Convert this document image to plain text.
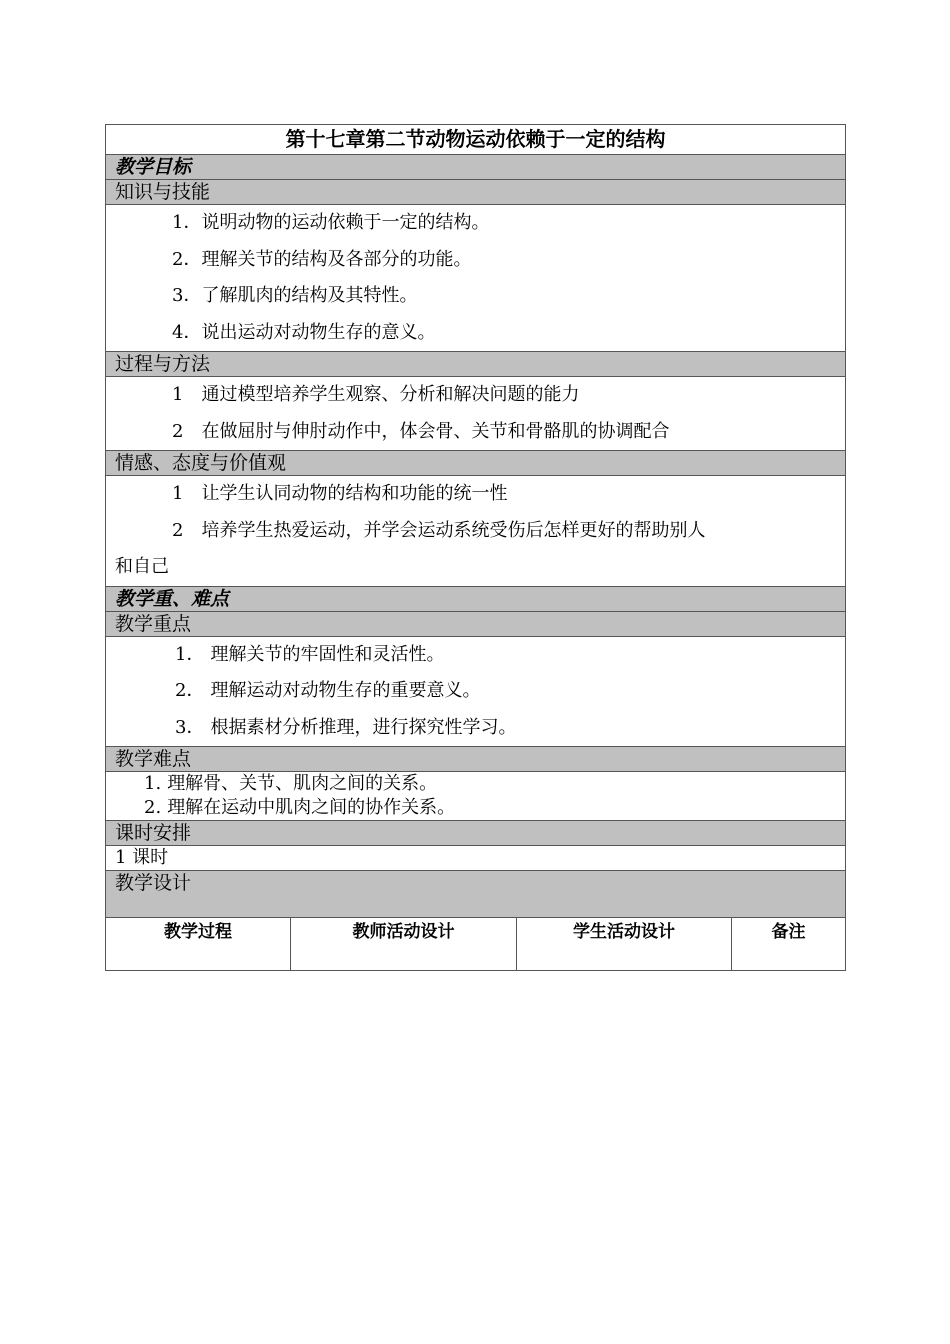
第十七章第二节动物运动依赖于一定的结构
教学目标
知识与技能

1．说明动物的运动依赖于一定的结构。
2．理解关节的结构及各部分的功能。
3．了解肌肉的结构及其特性。
4．说出运动对动物生存的意义。

过程与方法

1 通过模型培养学生观察、分析和解决问题的能力
2 在做屈肘与伸肘动作中，体会骨、关节和骨骼肌的协调配合

情感、态度与价值观

1 让学生认同动物的结构和功能的统一性
2 培养学生热爱运动，并学会运动系统受伤后怎样更好的帮助别人
和自己

教学重、难点
教学重点

1． 理解关节的牢固性和灵活性。
2． 理解运动对动物生存的重要意义。
3． 根据素材分析推理，进行探究性学习。

教学难点

1. 理解骨、关节、肌肉之间的关系。
2. 理解在运动中肌肉之间的协作关系。

课时安排
1 课时
教学设计
教学过程	教师活动设计	学生活动设计	备注
